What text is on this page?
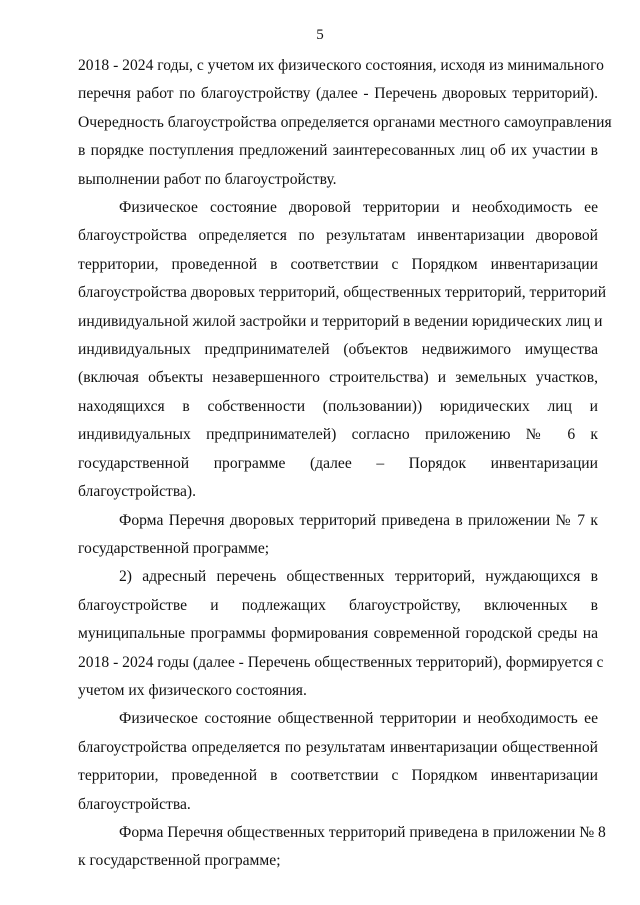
5

2018 - 2024 годы, с учетом их физического состояния, исходя из минимального
перечня работ по благоустройству (далее - Перечень дворовых территорий).
Очередность благоустройства определяется органами местного самоуправления
в порядке поступления предложений заинтересованных лиц об их участии в
выполнении работ по благоустройству.

Физическое состояние дворовой территории и необходимость ее
благоустройства определяется по результатам инвентаризации дворовой
территории, проведенной в соответствии с Порядком инвентаризации
благоустройства дворовых территорий, общественных территорий, территорий
индивидуальной жилой застройки и территорий в ведении юридических лиц и
индивидуальных предпринимателей (объектов недвижимого имущества
(включая объекты незавершенного строительства) и земельных участков,
находящихся в собственности (пользовании)) юридических лиц и
индивидуальных предпринимателей) согласно приложению № 6 к
государственной программе (далее – Порядок инвентаризации
благоустройства).

Форма Перечня дворовых территорий приведена в приложении № 7 к
государственной программе;

2) адресный перечень общественных территорий, нуждающихся в
благоустройстве и подлежащих благоустройству, включенных в
муниципальные программы формирования современной городской среды на
2018 - 2024 годы (далее - Перечень общественных территорий), формируется с
учетом их физического состояния.

Физическое состояние общественной территории и необходимость ее
благоустройства определяется по результатам инвентаризации общественной
территории, проведенной в соответствии с Порядком инвентаризации
благоустройства.

Форма Перечня общественных территорий приведена в приложении № 8
к государственной программе;
